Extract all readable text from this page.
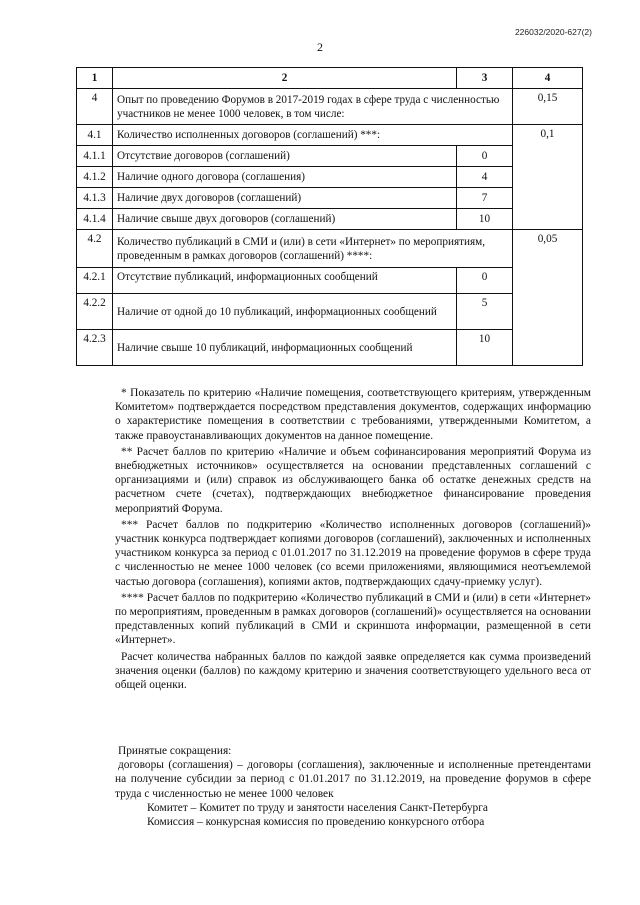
226032/2020-627(2)
2
1	2	3	4
4	Опыт по проведению Форумов в 2017-2019 годах в сфере труда с численностью участников не менее 1000 человек, в том числе:		0,15
4.1	Количество исполненных договоров (соглашений) ***:		0,1
4.1.1	Отсутствие договоров (соглашений)	0	
4.1.2	Наличие одного договора (соглашения)	4	
4.1.3	Наличие двух договоров (соглашений)	7	
4.1.4	Наличие свыше двух договоров (соглашений)	10	
4.2	Количество публикаций в СМИ и (или) в сети «Интернет» по мероприятиям, проведенным в рамках договоров (соглашений) ****:		0,05
4.2.1	Отсутствие публикаций, информационных сообщений	0	
4.2.2	Наличие от одной до 10 публикаций, информационных сообщений	5	
4.2.3	Наличие свыше 10 публикаций, информационных сообщений	10	

* Показатель по критерию «Наличие помещения, соответствующего критериям, утвержденным Комитетом» подтверждается посредством представления документов, содержащих информацию о характеристике помещения в соответствии с требованиями, утвержденными Комитетом, а также правоустанавливающих документов на данное помещение.

** Расчет баллов по критерию «Наличие и объем софинансирования мероприятий Форума из внебюджетных источников» осуществляется на основании представленных соглашений с организациями и (или) справок из обслуживающего банка об остатке денежных средств на расчетном счете (счетах), подтверждающих внебюджетное финансирование проведения мероприятий Форума.

*** Расчет баллов по подкритерию «Количество исполненных договоров (соглашений)» участник конкурса подтверждает копиями договоров (соглашений), заключенных и исполненных участником конкурса за период с 01.01.2017 по 31.12.2019 на проведение форумов в сфере труда с численностью не менее 1000 человек (со всеми приложениями, являющимися неотъемлемой частью договора (соглашения), копиями актов, подтверждающих сдачу-приемку услуг).

**** Расчет баллов по подкритерию «Количество публикаций в СМИ и (или) в сети «Интернет» по мероприятиям, проведенным в рамках договоров (соглашений)» осуществляется на основании представленных копий публикаций в СМИ и скриншота информации, размещенной в сети «Интернет».

Расчет количества набранных баллов по каждой заявке определяется как сумма произведений значения оценки (баллов) по каждому критерию и значения соответствующего удельного веса от общей оценки.

Принятые сокращения:

договоры (соглашения) – договоры (соглашения), заключенные и исполненные претендентами на получение субсидии за период с 01.01.2017 по 31.12.2019, на проведение форумов в сфере труда с численностью не менее 1000 человек

Комитет – Комитет по труду и занятости населения Санкт-Петербурга

Комиссия – конкурсная комиссия по проведению конкурсного отбора
